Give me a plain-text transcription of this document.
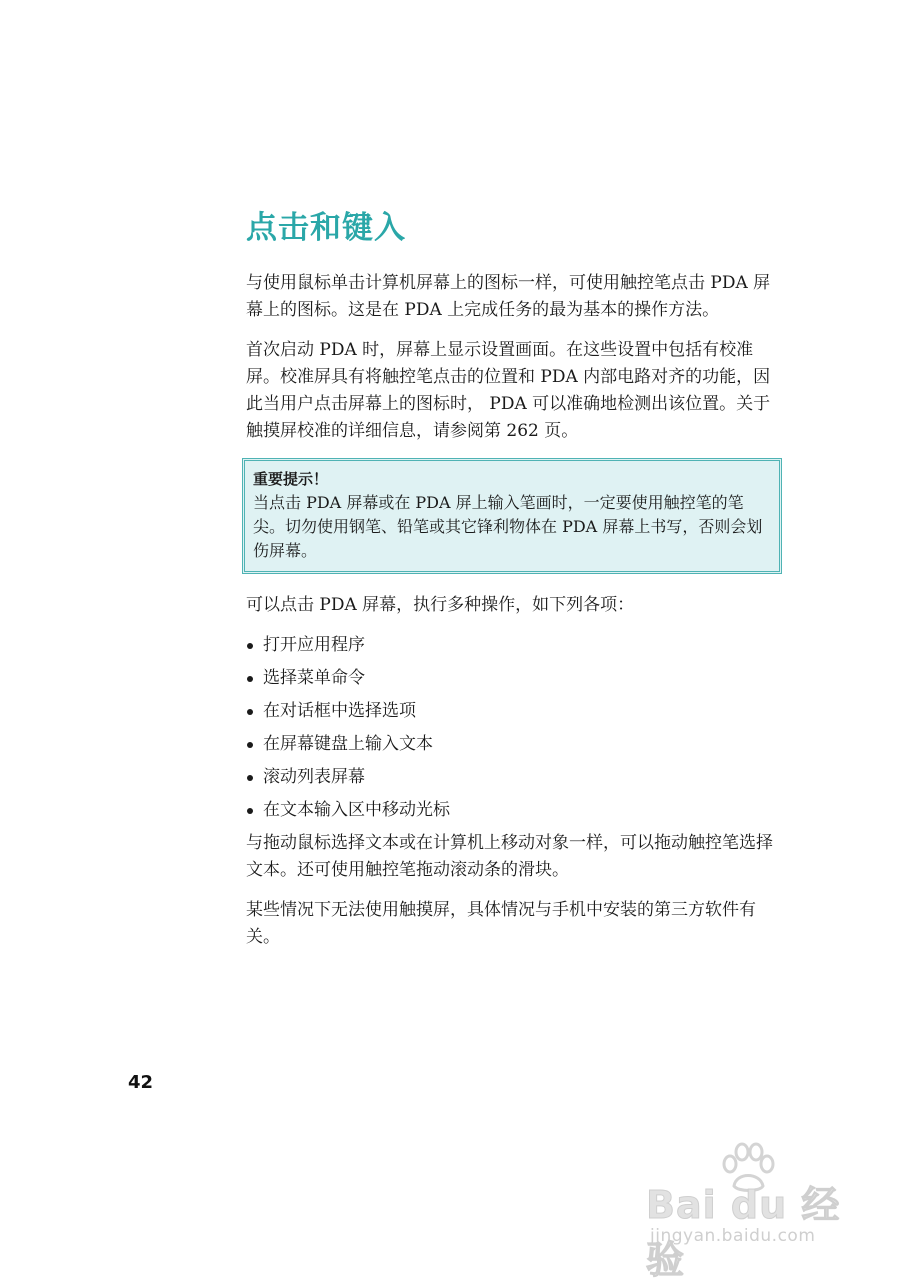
点击和键入

与使用鼠标单击计算机屏幕上的图标一样，可使用触控笔点击 PDA 屏幕上的图标。这是在 PDA 上完成任务的最为基本的操作方法。

首次启动 PDA 时，屏幕上显示设置画面。在这些设置中包括有校准屏。校准屏具有将触控笔点击的位置和 PDA 内部电路对齐的功能，因此当用户点击屏幕上的图标时， PDA 可以准确地检测出该位置。关于触摸屏校准的详细信息，请参阅第 262 页。

重要提示！
当点击 PDA 屏幕或在 PDA 屏上输入笔画时，一定要使用触控笔的笔尖。切勿使用钢笔、铅笔或其它锋利物体在 PDA 屏幕上书写，否则会划伤屏幕。

可以点击 PDA 屏幕，执行多种操作，如下列各项：

打开应用程序
选择菜单命令
在对话框中选择选项
在屏幕键盘上输入文本
滚动列表屏幕
在文本输入区中移动光标

与拖动鼠标选择文本或在计算机上移动对象一样，可以拖动触控笔选择文本。还可使用触控笔拖动滚动条的滑块。

某些情况下无法使用触摸屏，具体情况与手机中安装的第三方软件有关。

42
Bai du 经验
jingyan.baidu.com
